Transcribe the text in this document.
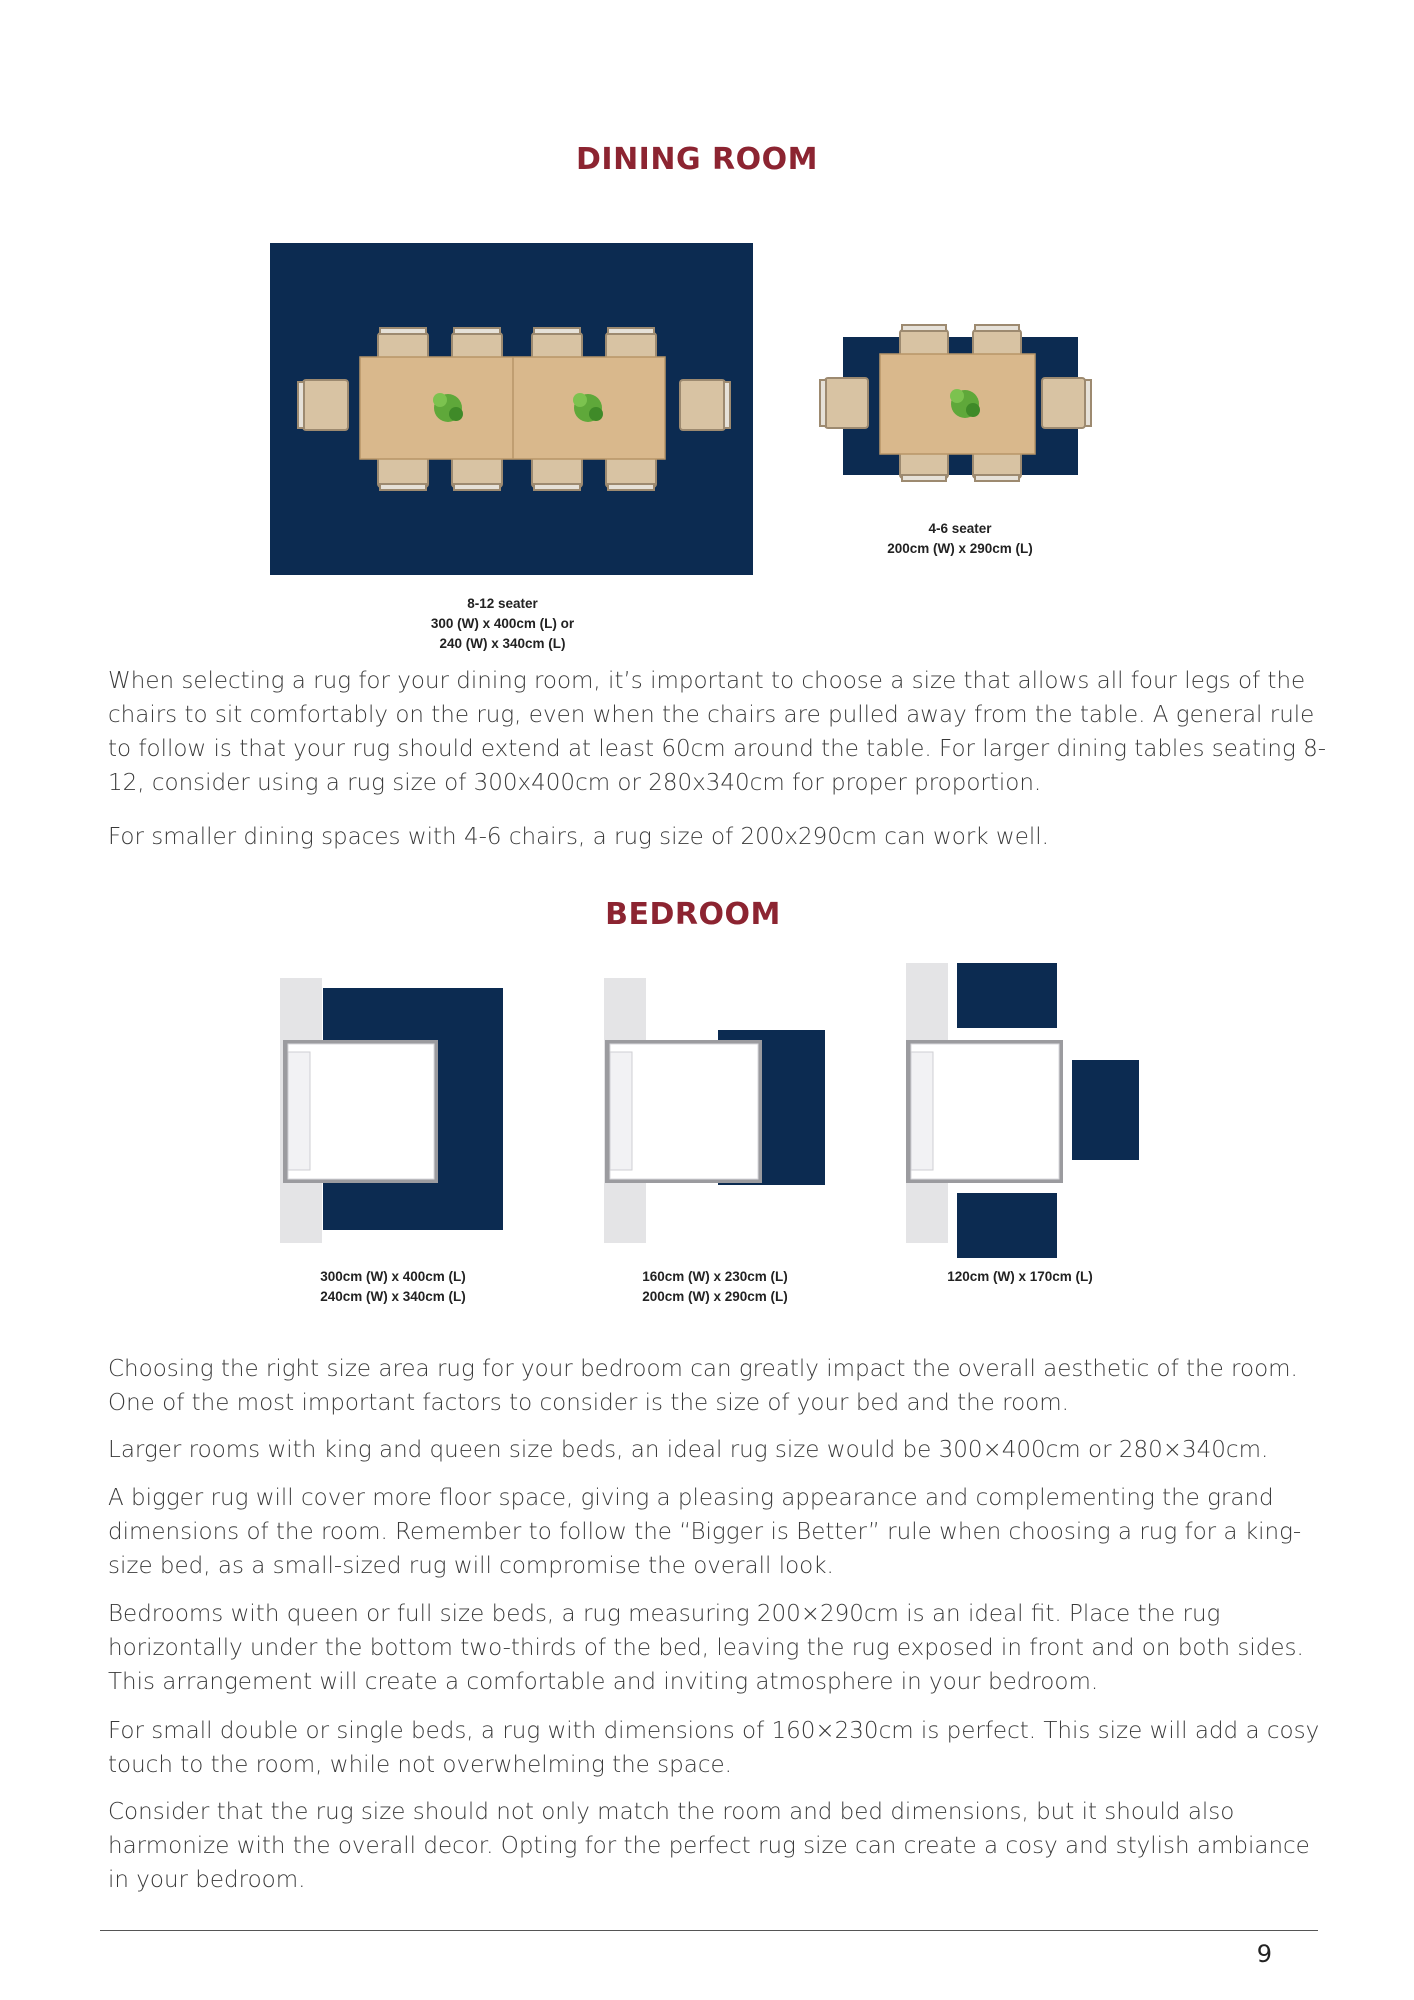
DINING ROOM
4-6 seater
200cm (W) x 290cm (L)
8-12 seater
300 (W) x 400cm (L) or
240 (W) x 340cm (L)

When selecting a rug for your dining room, it’s important to choose a size that allows all four legs of the chairs to sit comfortably on the rug, even when the chairs are pulled away from the table. A general rule to follow is that your rug should extend at least 60cm around the table. For larger dining tables seating 8-12, consider using a rug size of 300x400cm or 280x340cm for proper proportion.

For smaller dining spaces with 4-6 chairs, a rug size of 200x290cm can work well.

BEDROOM
300cm (W) x 400cm (L)
240cm (W) x 340cm (L)
160cm (W) x 230cm (L)
200cm (W) x 290cm (L)
120cm (W) x 170cm (L)

Choosing the right size area rug for your bedroom can greatly impact the overall aesthetic of the room. One of the most important factors to consider is the size of your bed and the room.

Larger rooms with king and queen size beds, an ideal rug size would be 300×400cm or 280×340cm.

A bigger rug will cover more floor space, giving a pleasing appearance and complementing the grand dimensions of the room. Remember to follow the “Bigger is Better” rule when choosing a rug for a king-size bed, as a small-sized rug will compromise the overall look.

Bedrooms with queen or full size beds, a rug measuring 200×290cm is an ideal fit. Place the rug horizontally under the bottom two-thirds of the bed, leaving the rug exposed in front and on both sides. This arrangement will create a comfortable and inviting atmosphere in your bedroom.

For small double or single beds, a rug with dimensions of 160×230cm is perfect. This size will add a cosy touch to the room, while not overwhelming the space.

Consider that the rug size should not only match the room and bed dimensions, but it should also harmonize with the overall decor. Opting for the perfect rug size can create a cosy and stylish ambiance in your bedroom.

9
